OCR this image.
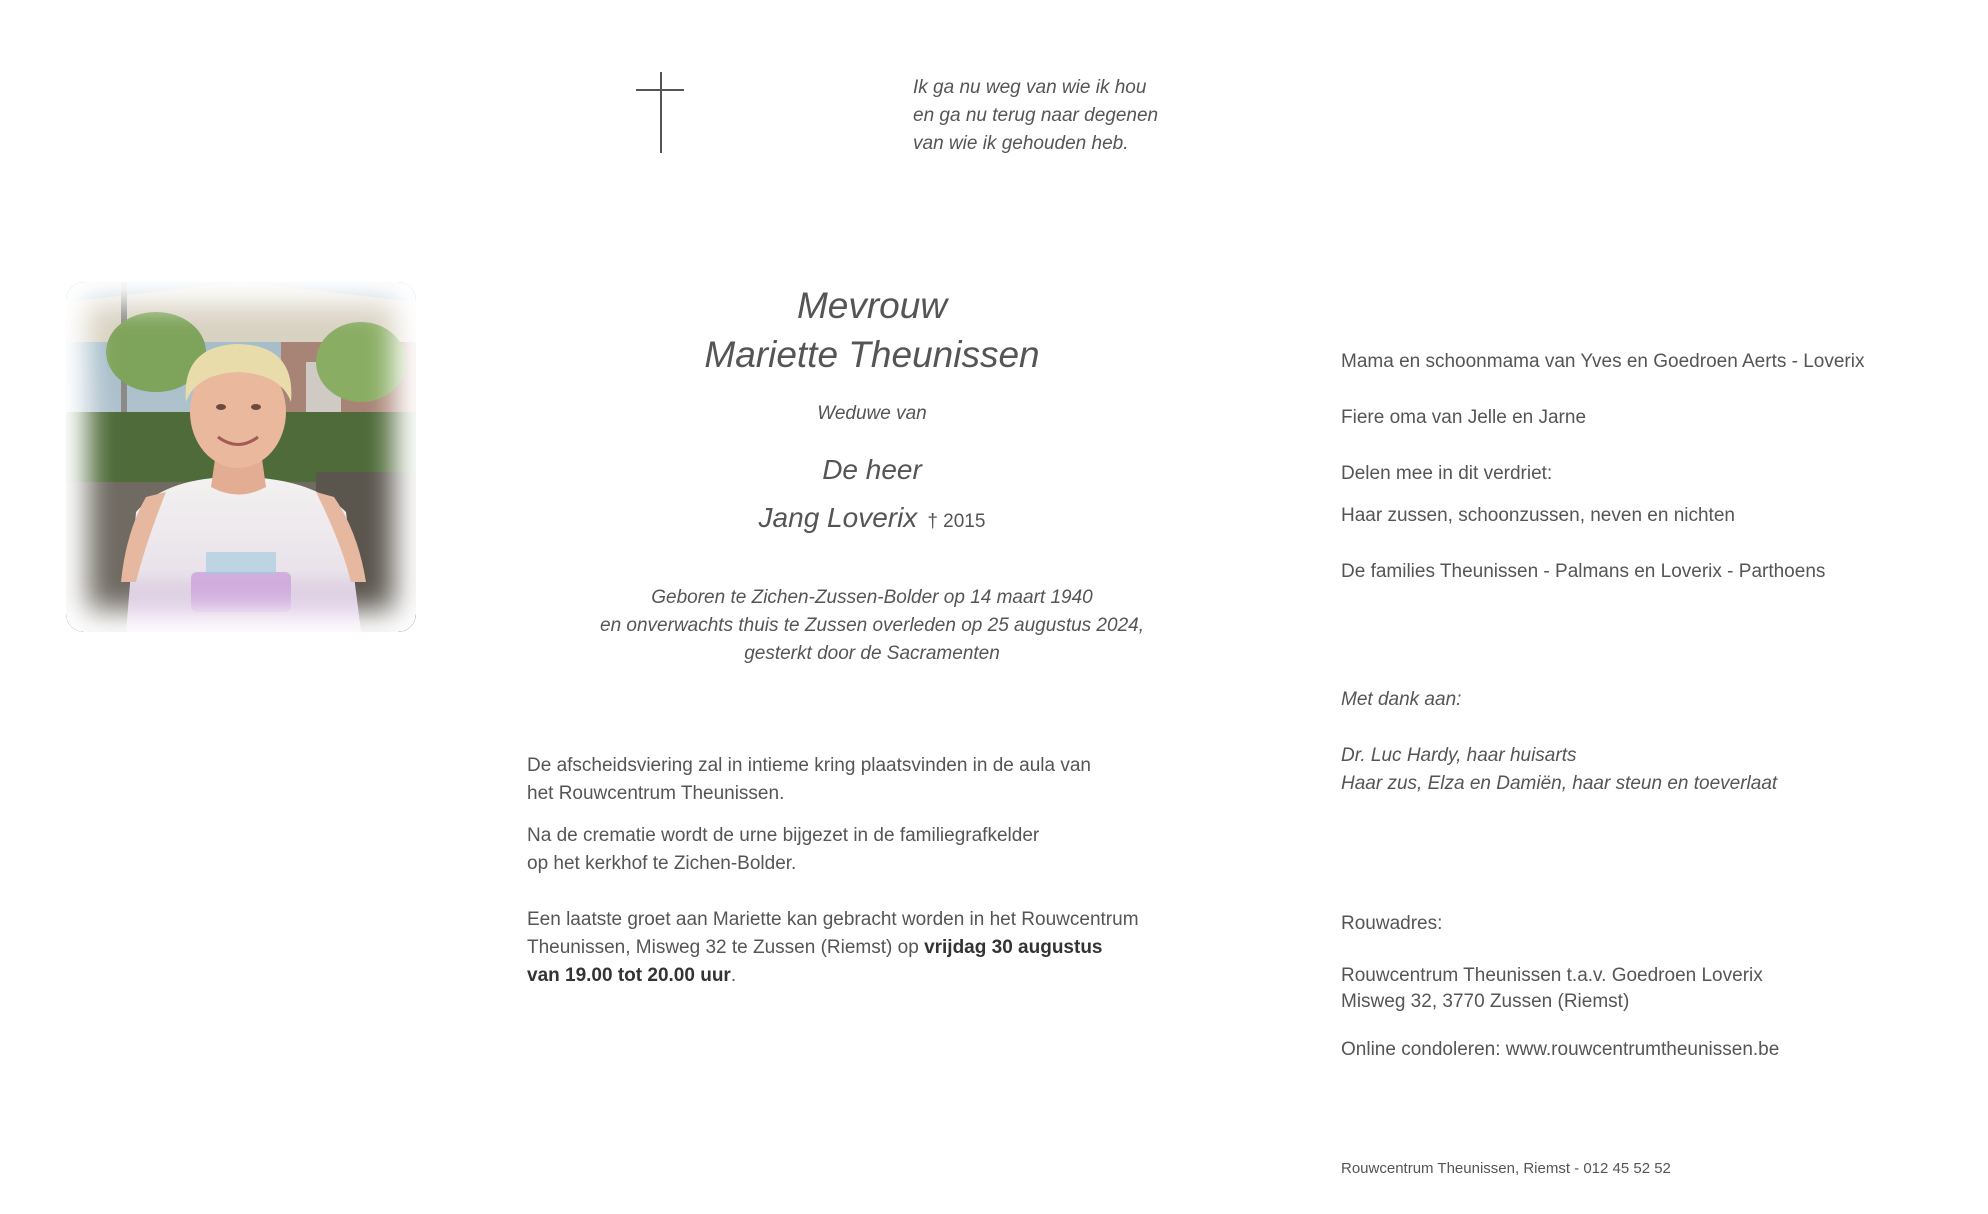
Ik ga nu weg van wie ik hou
en ga nu terug naar degenen
van wie ik gehouden heb.
Mevrouw
Mariette Theunissen
Weduwe van
De heer
Jang Loverix † 2015
Geboren te Zichen-Zussen-Bolder op 14 maart 1940
en onverwachts thuis te Zussen overleden op 25 augustus 2024,
gesterkt door de Sacramenten
De afscheidsviering zal in intieme kring plaatsvinden in de aula van
het Rouwcentrum Theunissen.
Na de crematie wordt de urne bijgezet in de familiegrafkelder
op het kerkhof te Zichen-Bolder.
Een laatste groet aan Mariette kan gebracht worden in het Rouwcentrum
Theunissen, Misweg 32 te Zussen (Riemst) op vrijdag 30 augustus
van 19.00 tot 20.00 uur.
Mama en schoonmama van Yves en Goedroen Aerts - Loverix
Fiere oma van Jelle en Jarne
Delen mee in dit verdriet:
Haar zussen, schoonzussen, neven en nichten
De families Theunissen - Palmans en Loverix - Parthoens
Met dank aan:
Dr. Luc Hardy, haar huisarts
Haar zus, Elza en Damiën, haar steun en toeverlaat
Rouwadres:
Rouwcentrum Theunissen t.a.v. Goedroen Loverix
Misweg 32, 3770 Zussen (Riemst)
Online condoleren: www.rouwcentrumtheunissen.be
Rouwcentrum Theunissen, Riemst - 012 45 52 52
